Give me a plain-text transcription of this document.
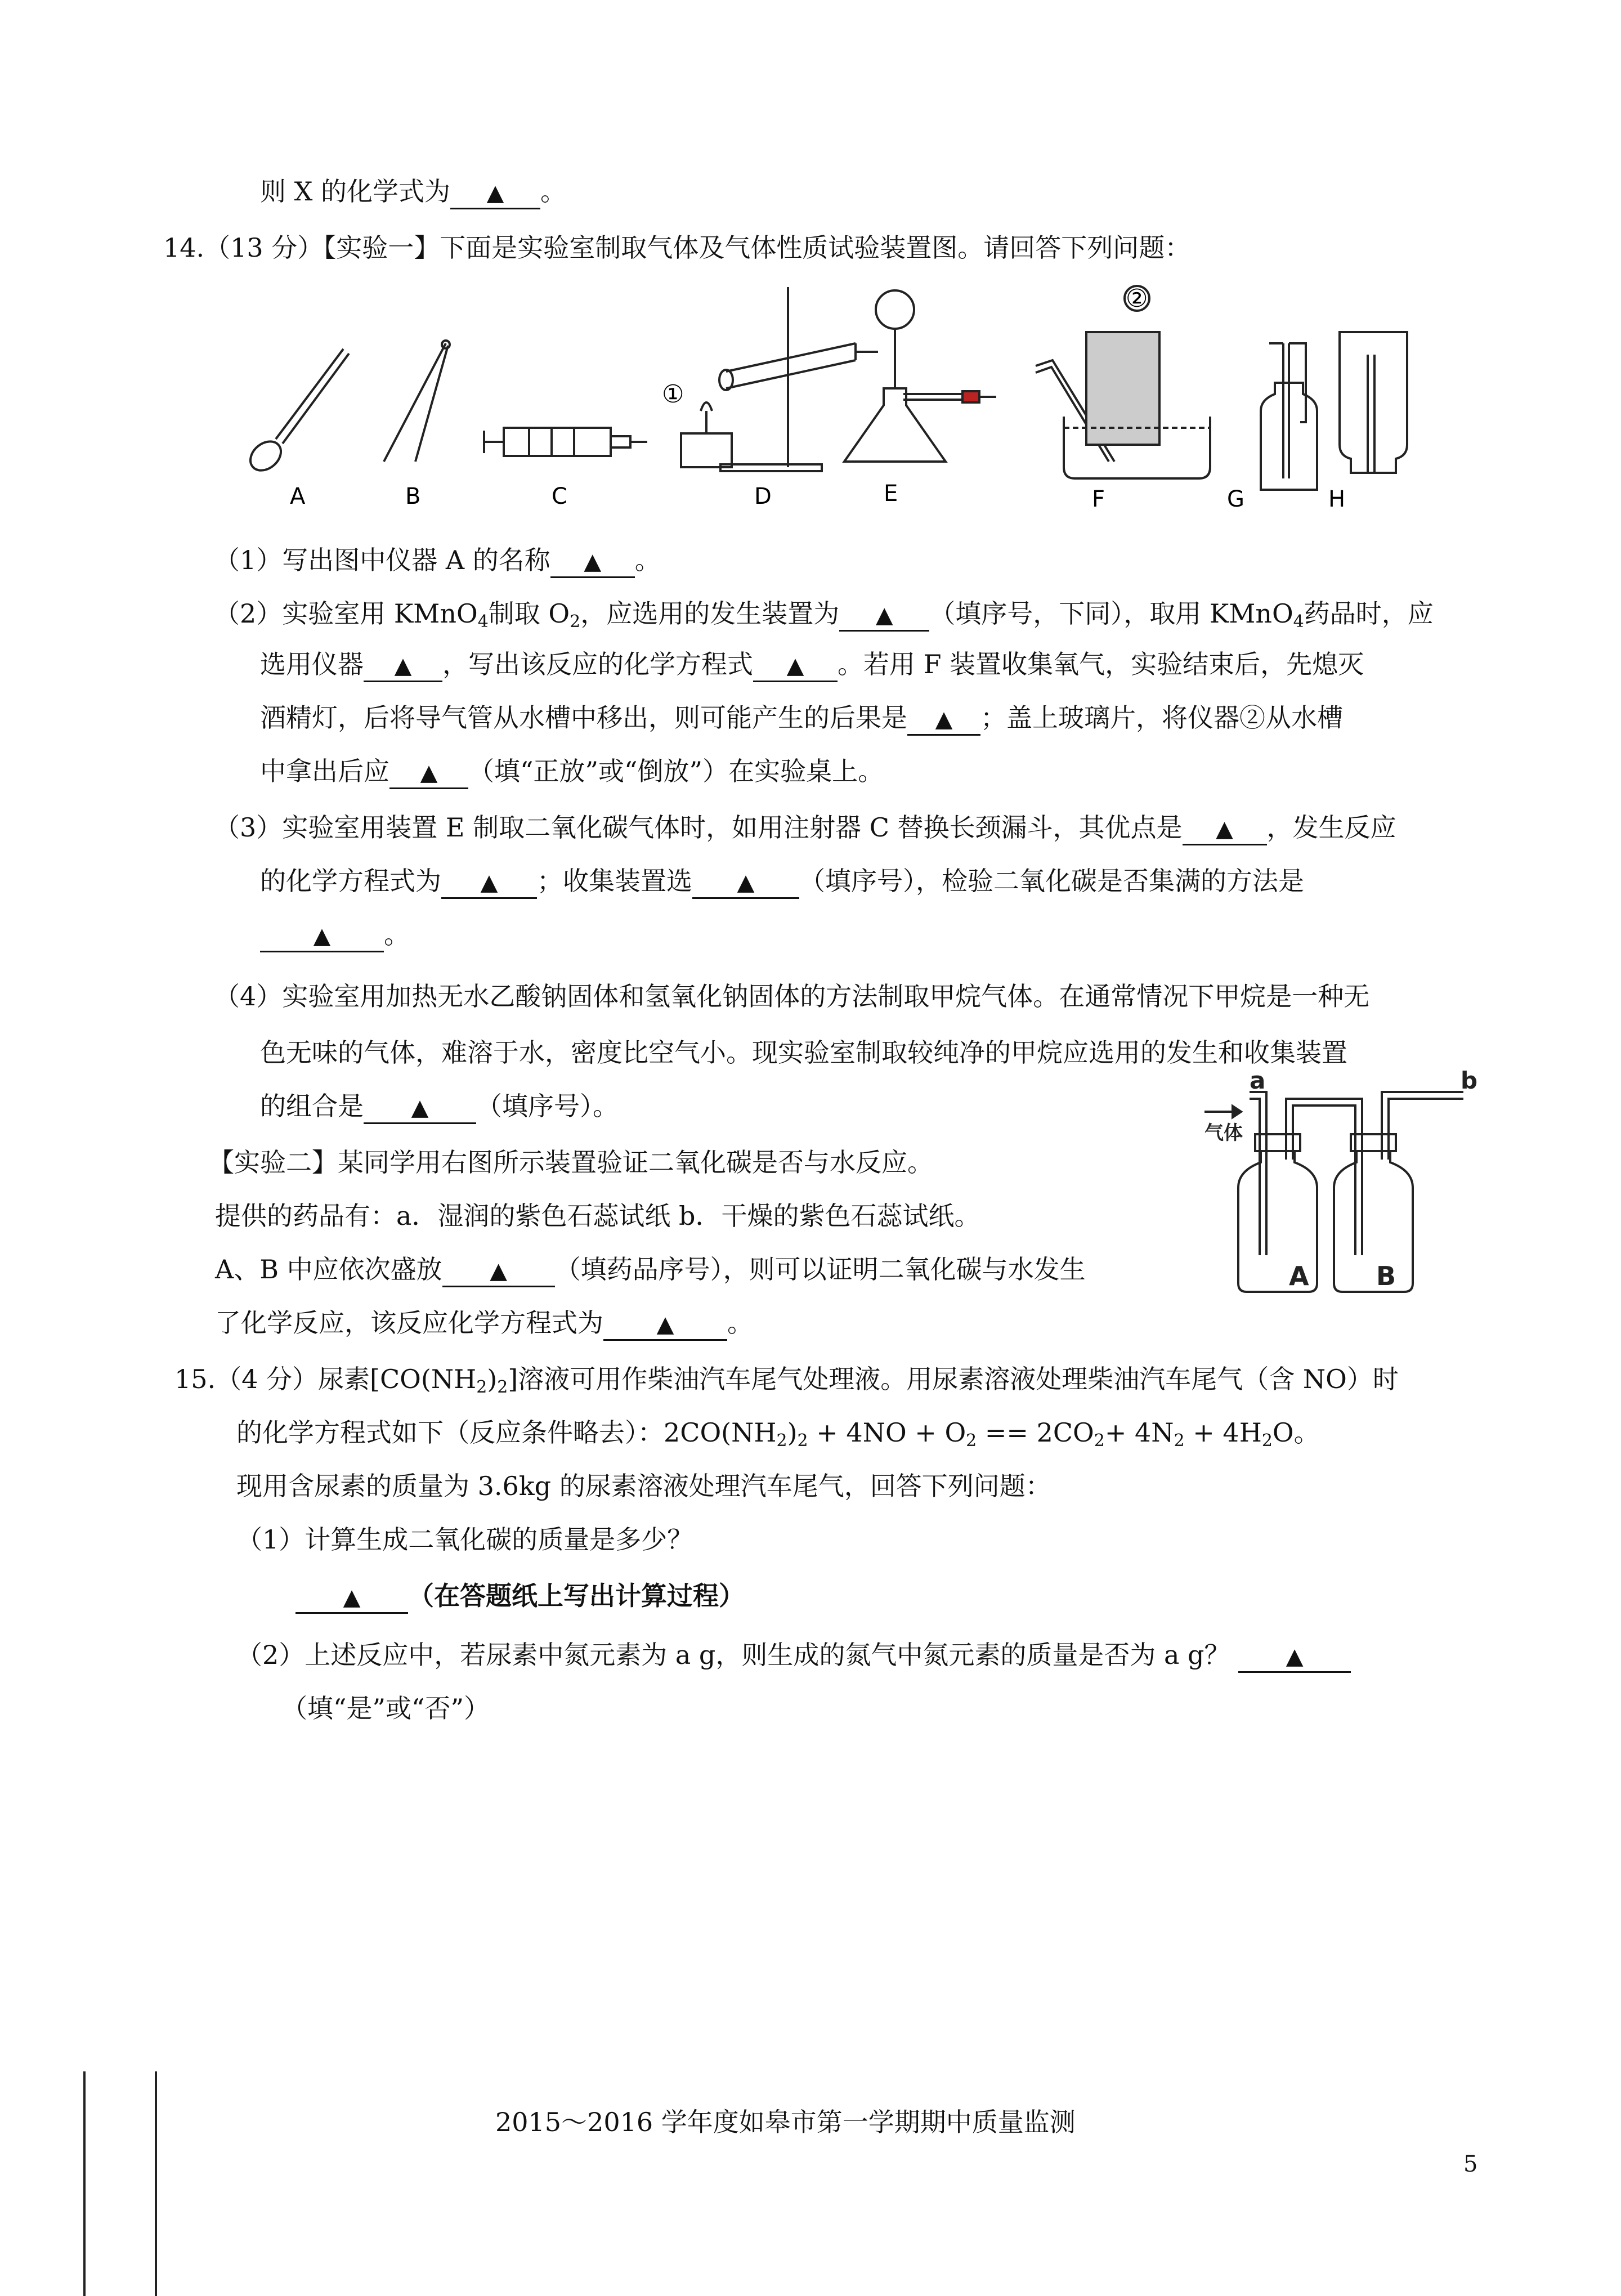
则 X 的化学式为 ▲ 。
14.（13 分）【实验一】下面是实验室制取气体及气体性质试验装置图。请回答下列问题：
①
②
A	B	C	D	E	F	G	H
（1）写出图中仪器 A 的名称 ▲ 。
（2）实验室用 KMnO$_4$制取 $O_2$，应选用的发生装置为 ▲ （填序号，下同），取用 KMnO$_4$药品时，应
选用仪器 ▲ ，写出该反应的化学方程式 ▲ 。若用 F 装置收集氧气，实验结束后，先熄灭
酒精灯，后将导气管从水槽中移出，则可能产生的后果是 ▲ ；盖上玻璃片，将仪器②从水槽
中拿出后应 ▲ （填“正放”或“倒放”）在实验桌上。
（3）实验室用装置 E 制取二氧化碳气体时，如用注射器 C 替换长颈漏斗，其优点是 ▲ ，发生反应
的化学方程式为 ▲ ；收集装置选 ▲ （填序号），检验二氧化碳是否集满的方法是
▲ 。
（4）实验室用加热无水乙酸钠固体和氢氧化钠固体的方法制取甲烷气体。在通常情况下甲烷是一种无
色无味的气体，难溶于水，密度比空气小。现实验室制取较纯净的甲烷应选用的发生和收集装置
的组合是 ▲ （填序号）。
【实验二】某同学用右图所示装置验证二氧化碳是否与水反应。
提供的药品有：a．湿润的紫色石蕊试纸 b．干燥的紫色石蕊试纸。
A、B 中应依次盛放 ▲ （填药品序号），则可以证明二氧化碳与水发生
了化学反应，该反应化学方程式为 ▲ 。
a	b
气体
A	B
15.（4 分）尿素$[CO(NH_2)_2]$溶液可用作柴油汽车尾气处理液。用尿素溶液处理柴油汽车尾气（含 NO）时
的化学方程式如下（反应条件略去）：$2CO(NH_2)_2 + 4NO + O_2 == 2CO_2+ 4N_2 + 4H_2O$。
现用含尿素的质量为 3.6kg 的尿素溶液处理汽车尾气，回答下列问题：
（1）计算生成二氧化碳的质量是多少？
▲ （在答题纸上写出计算过程）
（2）上述反应中，若尿素中氮元素为 a g，则生成的氮气中氮元素的质量是否为 a g？ ▲
（填“是”或“否”）
2015～2016 学年度如皋市第一学期期中质量监测
5
